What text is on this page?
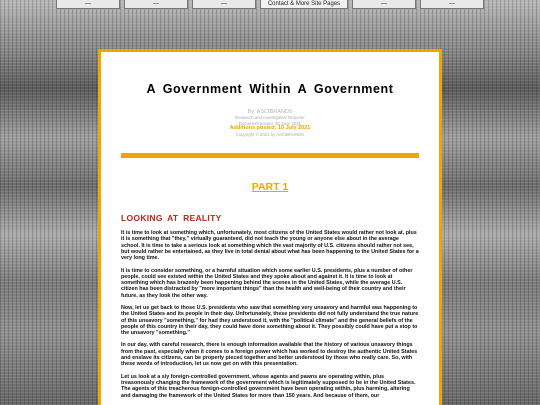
—	—	—	Contact & More Site Pages	—	—
A Government Within A Government
By: ASCIBRANDS
Research and Investigative Reporter
Document posted: 26 June 2021
Additions posted: 10 July 2021
Copyright © 2021 by ASCIBRANDS
PART 1
LOOKING AT REALITY

It is time to look at something which, unfortunately, most citizens of the United States would rather not look at, plus it is something that "they," virtually guaranteed, did not teach the young or anyone else about in the average school. It is time to take a serious look at something which the vast majority of U.S. citizens should rather not see, but would rather be entertained, as they live in total denial about what has been happening to the United States for a very long time.

It is time to consider something, or a harmful situation which some earlier U.S. presidents, plus a number of other people, could see existed within the United States and they spoke about and against it. It is time to look at something which has brazenly been happening behind the scenes in the United States, while the average U.S. citizen has been distracted by "more important things" than the health and well-being of their country and their future, as they look the other way.

Now, let us get back to those U.S. presidents who saw that something very unsavory and harmful was happening to the United States and its people in their day. Unfortunately, these presidents did not fully understand the true nature of this unsavory "something," for had they understood it, with the "political climate" and the general beliefs of the people of this country in their day, they could have done something about it. They possibly could have put a stop to the unsavory "something."

In our day, with careful research, there is enough information available that the history of various unsavory things from the past, especially when it comes to a foreign power which has worked to destroy the authentic United States and enslave its citizens, can be properly pieced together and better understood by those who really care. So, with these words of introduction, let us now get on with this presentation.

Let us look at a sly foreign-controlled government, whose agents and pawns are operating within, plus treasonously changing the framework of the government which is legitimately supposed to be in the United States. The agents of this treacherous foreign-controlled government have been operating within, plus harming, altering and damaging the framework of the United States for more than 150 years. And because of them, our
